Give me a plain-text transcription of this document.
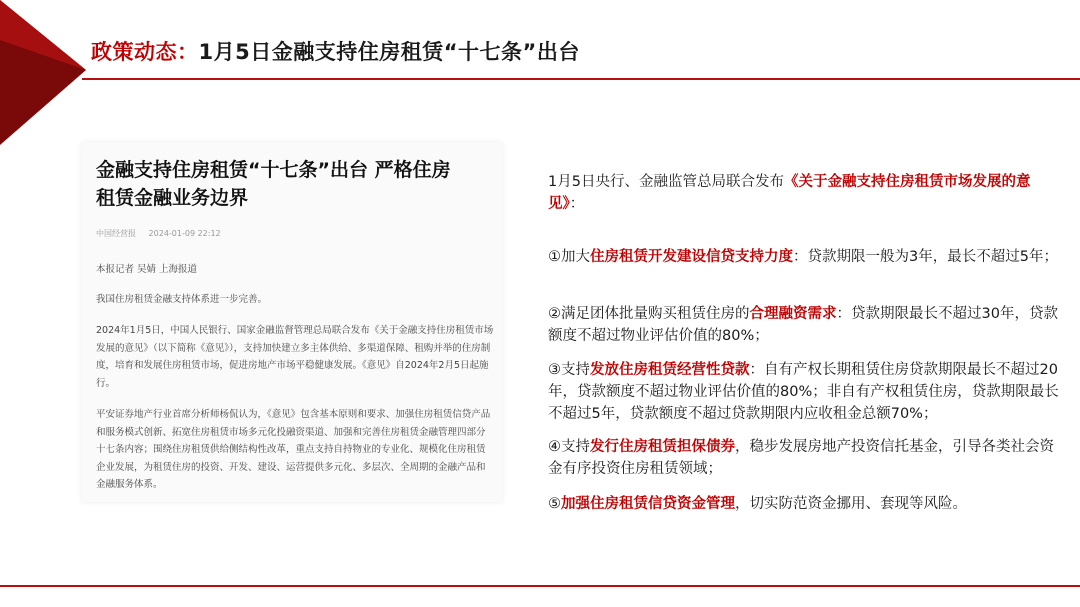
政策动态：1月5日金融支持住房租赁“十七条”出台
金融支持住房租赁“十七条”出台 严格住房
租赁金融业务边界
中国经营报 2024-01-09 22:12
本报记者 吴婧 上海报道
我国住房租赁金融支持体系进一步完善。
2024年1月5日，中国人民银行、国家金融监督管理总局联合发布《关于金融支持住房租赁市场发展的意见》（以下简称《意见》），支持加快建立多主体供给、多渠道保障、租购并举的住房制度，培育和发展住房租赁市场，促进房地产市场平稳健康发展。《意见》自2024年2月5日起施行。
平安证券地产行业首席分析师杨侃认为，《意见》包含基本原则和要求、加强住房租赁信贷产品和服务模式创新、拓宽住房租赁市场多元化投融资渠道、加强和完善住房租赁金融管理四部分十七条内容；围绕住房租赁供给侧结构性改革，重点支持自持物业的专业化、规模化住房租赁企业发展，为租赁住房的投资、开发、建设、运营提供多元化、多层次、全周期的金融产品和金融服务体系。
1月5日央行、金融监管总局联合发布《关于金融支持住房租赁市场发展的意见》：
①加大住房租赁开发建设信贷支持力度：贷款期限一般为3年，最长不超过5年；
②满足团体批量购买租赁住房的合理融资需求：贷款期限最长不超过30年，贷款额度不超过物业评估价值的80%；
③支持发放住房租赁经营性贷款：自有产权长期租赁住房贷款期限最长不超过20年，贷款额度不超过物业评估价值的80%；非自有产权租赁住房，贷款期限最长不超过5年，贷款额度不超过贷款期限内应收租金总额70%；
④支持发行住房租赁担保债券，稳步发展房地产投资信托基金，引导各类社会资金有序投资住房租赁领域；
⑤加强住房租赁信贷资金管理，切实防范资金挪用、套现等风险。
